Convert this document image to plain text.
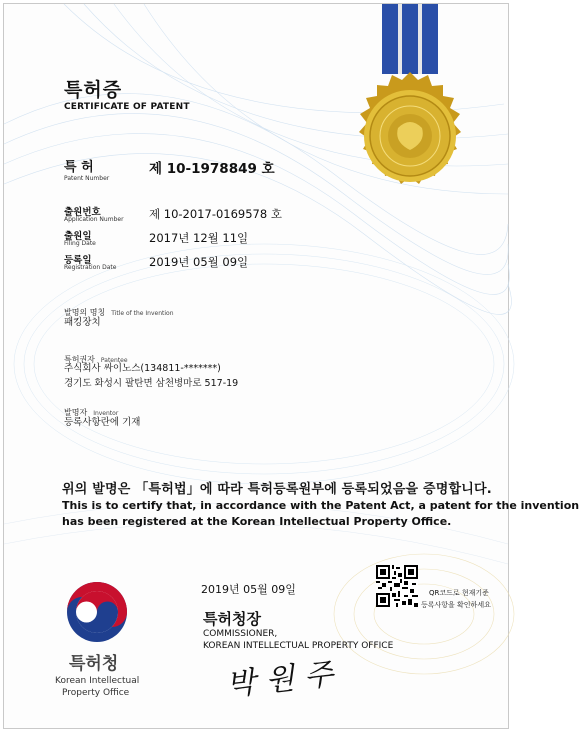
특허증
CERTIFICATE OF PATENT
특 허
Patent Number
제 10-1978849 호
출원번호
Application Number 제 10-2017-0169578 호
출원일
Filing Date	2017년 12월 11일
등록일
Registration Date	2019년 05월 09일
발명의 명칭 Title of the Invention
패킹장치
특허권자 Patentee
주식회사 싸이노스(134811-*******)
경기도 화성시 팔탄면 삼천병마로 517-19
발명자 Inventor
등록사항란에 기재
위의 발명은 「특허법」에 따라 특허등록원부에 등록되었음을 증명합니다.
This is to certify that, in accordance with the Patent Act, a patent for the invention
has been registered at the Korean Intellectual Property Office.
2019년 05월 09일	QR코드로 현재기준
등록사항을 확인하세요
특허청
Korean Intellectual
Property Office
특허청장
COMMISSIONER,
KOREAN INTELLECTUAL PROPERTY OFFICE
박원주
